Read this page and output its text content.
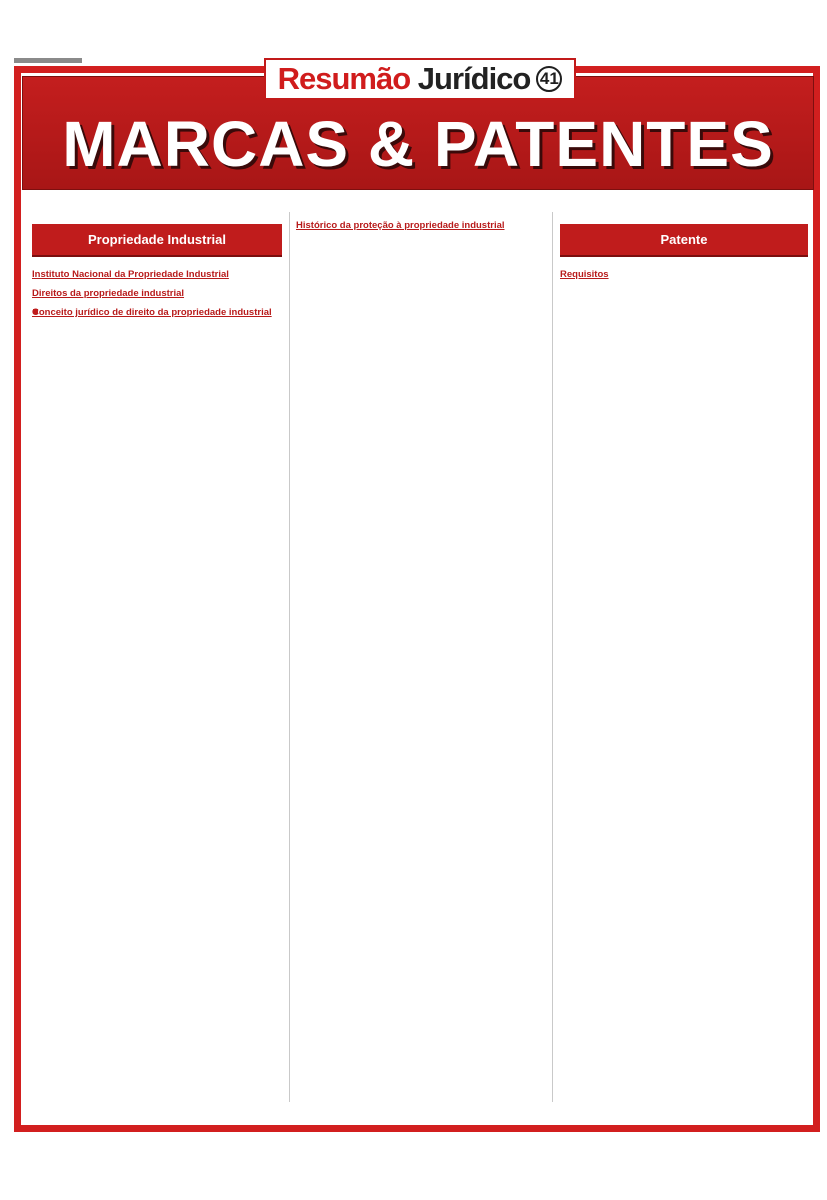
Resumão Jurídico 41
MARCAS & PATENTES

Propriedade Industrial
Instituto Nacional da Propriedade Industrial

Direitos da propriedade industrial

Conceito jurídico de direito da propriedade industrial

Histórico da proteção à propriedade industrial

Patente

Requisitos
